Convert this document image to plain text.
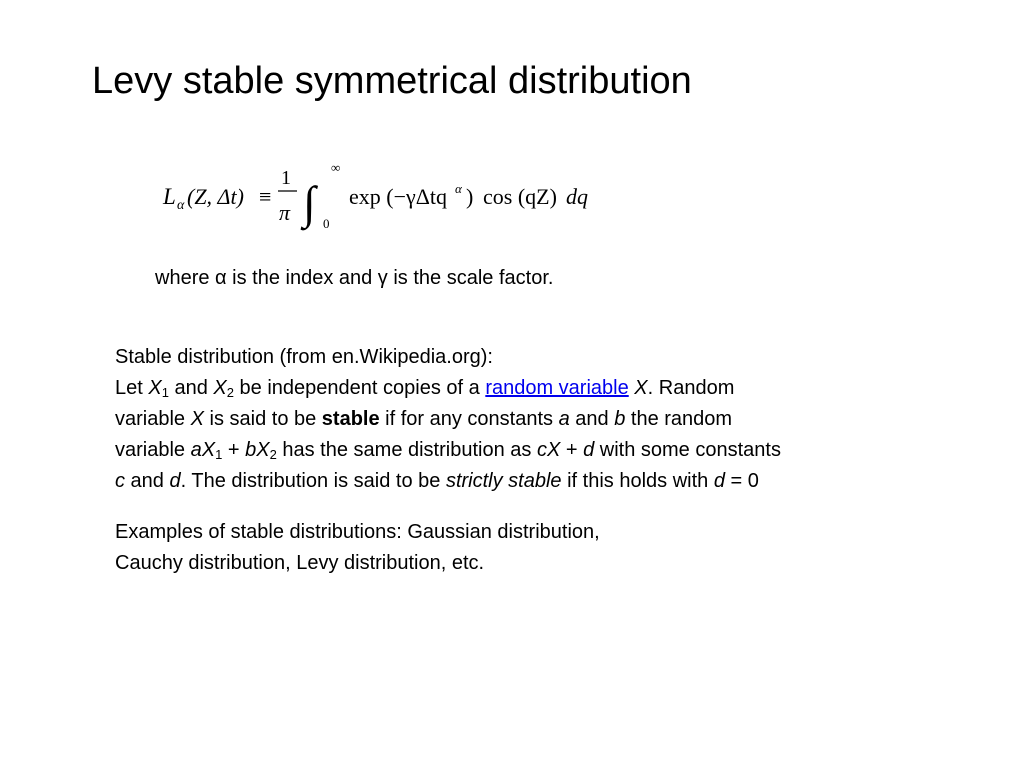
Levy stable symmetrical distribution
L α (Z, Δt) ≡
1
π ∫
∞
0
exp (−γΔtq α ) cos (qZ) dq
where α is the index and γ is the scale factor.
Stable distribution (from en.Wikipedia.org):
Let $X_1$ and $X_2$ be independent copies of a random variable X. Random
variable X is said to be stable if for any constants a and b the random
variable $aX_1 + bX_2$ has the same distribution as cX + d with some constants
c and d. The distribution is said to be strictly stable if this holds with d = 0
Examples of stable distributions: Gaussian distribution,
Cauchy distribution, Levy distribution, etc.
